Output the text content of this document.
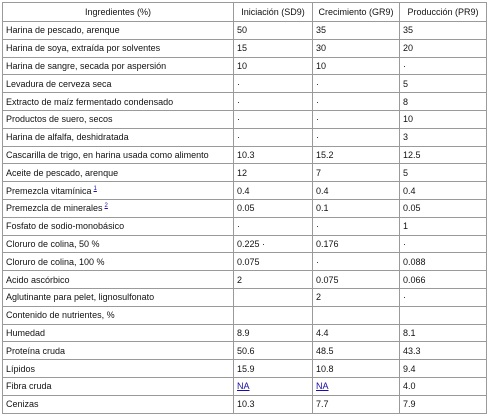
Ingredientes (%)	Iniciación (SD9)	Crecimiento (GR9)	Producción (PR9)
Harina de pescado, arenque	50	35	35
Harina de soya, extraída por solventes	15	30	20
Harina de sangre, secada por aspersión	10	10	·
Levadura de cerveza seca	·	·	5
Extracto de maíz fermentado condensado	·	·	8
Productos de suero, secos	·	·	10
Harina de alfalfa, deshidratada	·	·	3
Cascarilla de trigo, en harina usada como alimento	10.3	15.2	12.5
Aceite de pescado, arenque	12	7	5
Premezcla vitamínica $^1$	0.4	0.4	0.4
Premezcla de minerales $^2$	0.05	0.1	0.05
Fosfato de sodio-monobásico	·	·	1
Cloruro de colina, 50 %	0.225 ·	0.176	·
Cloruro de colina, 100 %	0.075	·	0.088
Acido ascórbico	2	0.075	0.066
Aglutinante para pelet, lignosulfonato		2	·
Contenido de nutrientes, %			
Humedad	8.9	4.4	8.1
Proteína cruda	50.6	48.5	43.3
Lípidos	15.9	10.8	9.4
Fibra cruda	NA	NA	4.0
Cenizas	10.3	7.7	7.9
